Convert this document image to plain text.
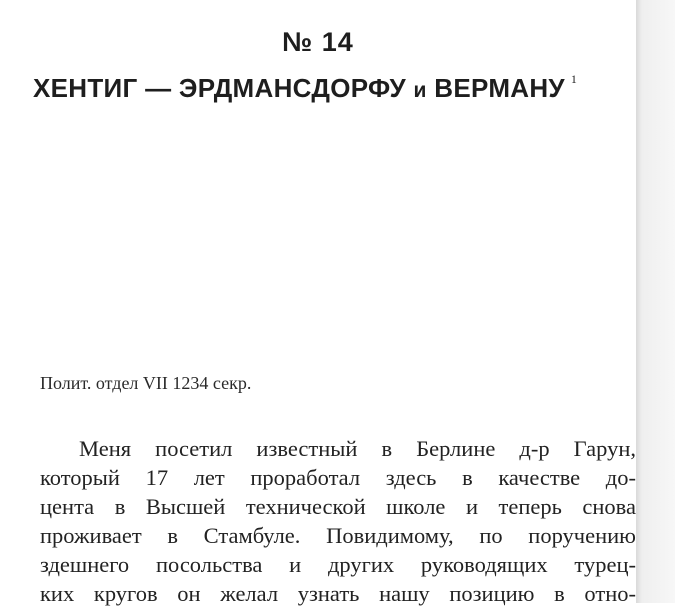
№ 14
ХЕНТИГ — ЭРДМАНСДОРФУ и ВЕРМАНУ $^1$
Полит. отдел VII 1234 секр.
Меня посетил известный в Берлине д-р Гарун,
который 17 лет проработал здесь в качестве до-
цента в Высшей технической школе и теперь снова
проживает в Стамбуле. Повидимому, по поручению
здешнего посольства и других руководящих турец-
ких кругов он желал узнать нашу позицию в отно-
